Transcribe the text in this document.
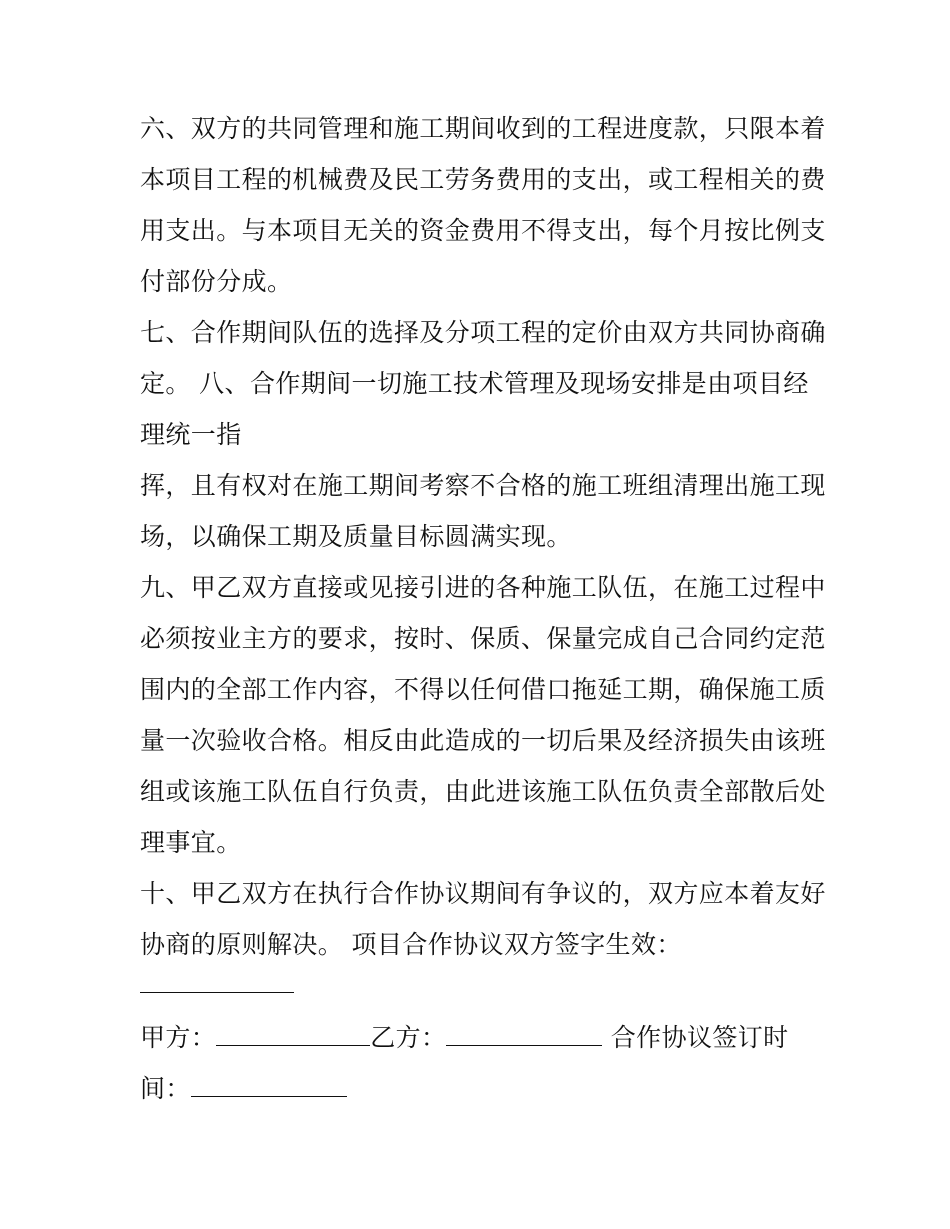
六、双方的共同管理和施工期间收到的工程进度款，只限本着
本项目工程的机械费及民工劳务费用的支出，或工程相关的费
用支出。与本项目无关的资金费用不得支出，每个月按比例支
付部份分成。
七、合作期间队伍的选择及分项工程的定价由双方共同协商确
定。 八、合作期间一切施工技术管理及现场安排是由项目经
理统一指
挥，且有权对在施工期间考察不合格的施工班组清理出施工现
场，以确保工期及质量目标圆满实现。
九、甲乙双方直接或见接引进的各种施工队伍，在施工过程中
必须按业主方的要求，按时、保质、保量完成自己合同约定范
围内的全部工作内容，不得以任何借口拖延工期，确保施工质
量一次验收合格。相反由此造成的一切后果及经济损失由该班
组或该施工队伍自行负责，由此进该施工队伍负责全部散后处
理事宜。
十、甲乙双方在执行合作协议期间有争议的，双方应本着友好
协商的原则解决。 项目合作协议双方签字生效：
甲方：	乙方：	合作协议签订时
间：
